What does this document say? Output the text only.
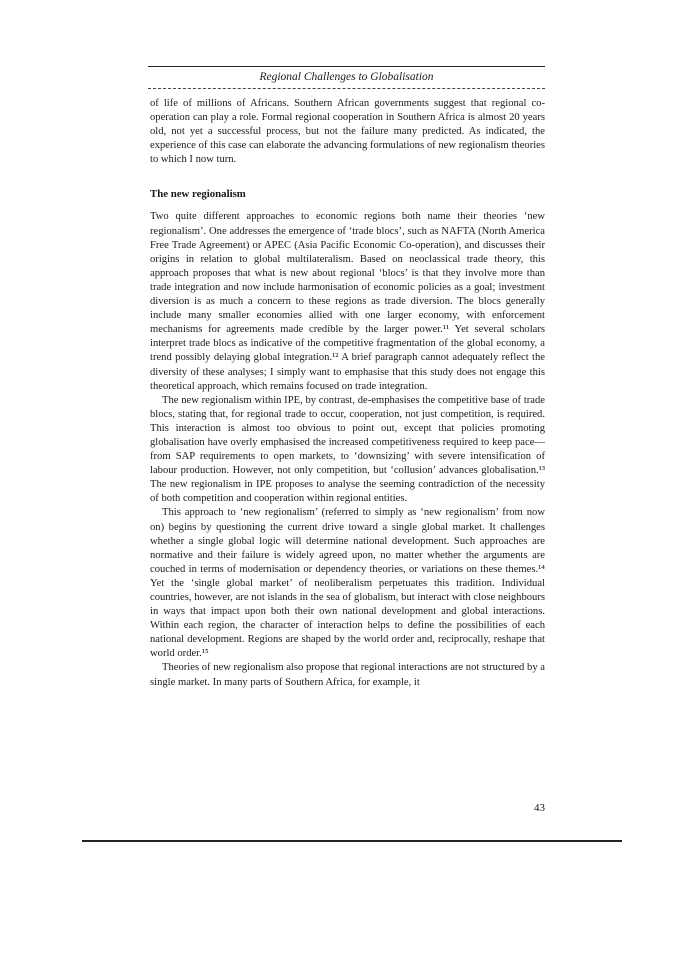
Regional Challenges to Globalisation

of life of millions of Africans. Southern African governments suggest that regional co-operation can play a role. Formal regional cooperation in Southern Africa is almost 20 years old, not yet a successful process, but not the failure many predicted. As indicated, the experience of this case can elaborate the advancing formulations of new regionalism theories to which I now turn.

The new regionalism

Two quite different approaches to economic regions both name their theories ‘new regionalism’. One addresses the emergence of ‘trade blocs’, such as NAFTA (North America Free Trade Agreement) or APEC (Asia Pacific Economic Co-operation), and discusses their origins in relation to global multilateralism. Based on neoclassical trade theory, this approach proposes that what is new about regional ‘blocs’ is that they involve more than trade integration and now include harmonisation of economic policies as a goal; investment diversion is as much a concern to these regions as trade diversion. The blocs generally include many smaller economies allied with one larger economy, with enforcement mechanisms for agreements made credible by the larger power.¹¹ Yet several scholars interpret trade blocs as indicative of the competitive fragmentation of the global economy, a trend possibly delaying global integration.¹² A brief paragraph cannot adequately reflect the diversity of these analyses; I simply want to emphasise that this study does not engage this theoretical approach, which remains focused on trade integration.

The new regionalism within IPE, by contrast, de-emphasises the competitive base of trade blocs, stating that, for regional trade to occur, cooperation, not just competition, is required. This interaction is almost too obvious to point out, except that policies promoting globalisation have overly emphasised the increased competitiveness required to keep pace—from SAP requirements to open markets, to ‘downsizing’ with severe intensification of labour production. However, not only competition, but ‘collusion’ advances globalisation.¹³ The new regionalism in IPE proposes to analyse the seeming contradiction of the necessity of both competition and cooperation within regional entities.

This approach to ‘new regionalism’ (referred to simply as ‘new regionalism’ from now on) begins by questioning the current drive toward a single global market. It challenges whether a single global logic will determine national development. Such approaches are normative and their failure is widely agreed upon, no matter whether the arguments are couched in terms of modernisation or dependency theories, or variations on these themes.¹⁴ Yet the ‘single global market’ of neoliberalism perpetuates this tradition. Individual countries, however, are not islands in the sea of globalism, but interact with close neighbours in ways that impact upon both their own national development and global interactions. Within each region, the character of interaction helps to define the possibilities of each national development. Regions are shaped by the world order and, reciprocally, reshape that world order.¹⁵

Theories of new regionalism also propose that regional interactions are not structured by a single market. In many parts of Southern Africa, for example, it

43
